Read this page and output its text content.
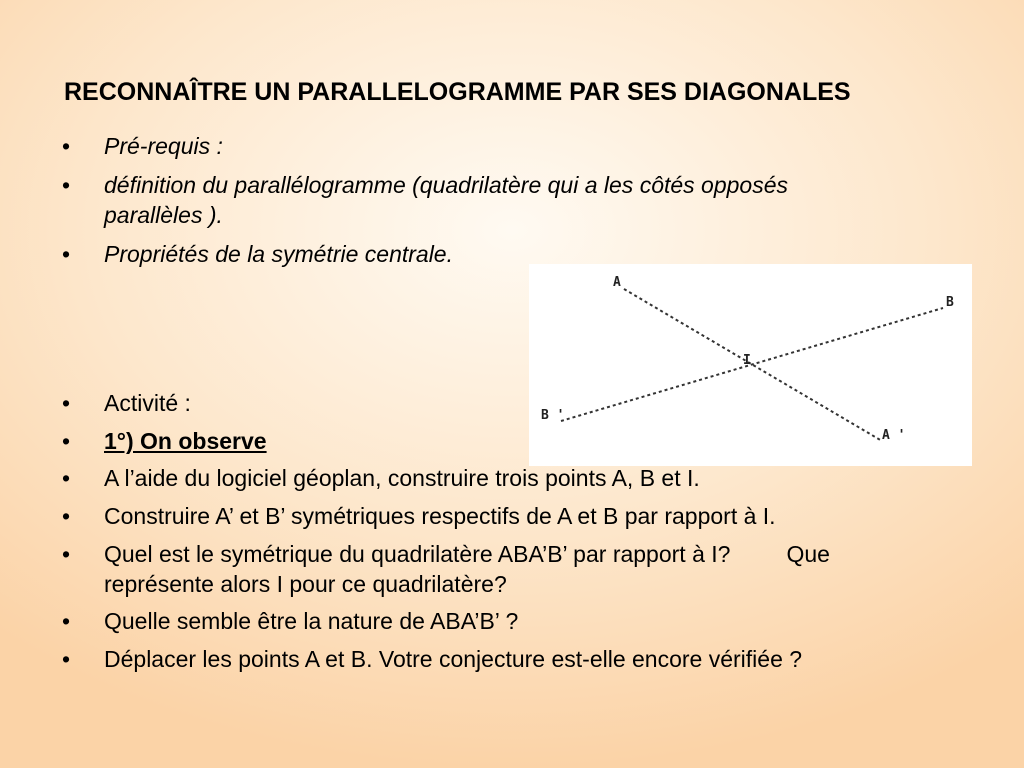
RECONNAÎTRE UN PARALLELOGRAMME PAR SES DIAGONALES
•	Pré-requis :
•	définition du parallélogramme (quadrilatère qui a les côtés opposés
parallèles ).
•	Propriétés de la symétrie centrale.
A
B
I
A '
B '
•	Activité :
•	1°) On observe
•	A l’aide du logiciel géoplan, construire trois points A, B et I.
•	Construire A’ et B’ symétriques respectifs de A et B par rapport à I.
•	Quel est le symétrique du quadrilatère ABA’B’ par rapport à I? Que
représente alors I pour ce quadrilatère?
•	Quelle semble être la nature de ABA’B’ ?
•	Déplacer les points A et B. Votre conjecture est-elle encore vérifiée ?
